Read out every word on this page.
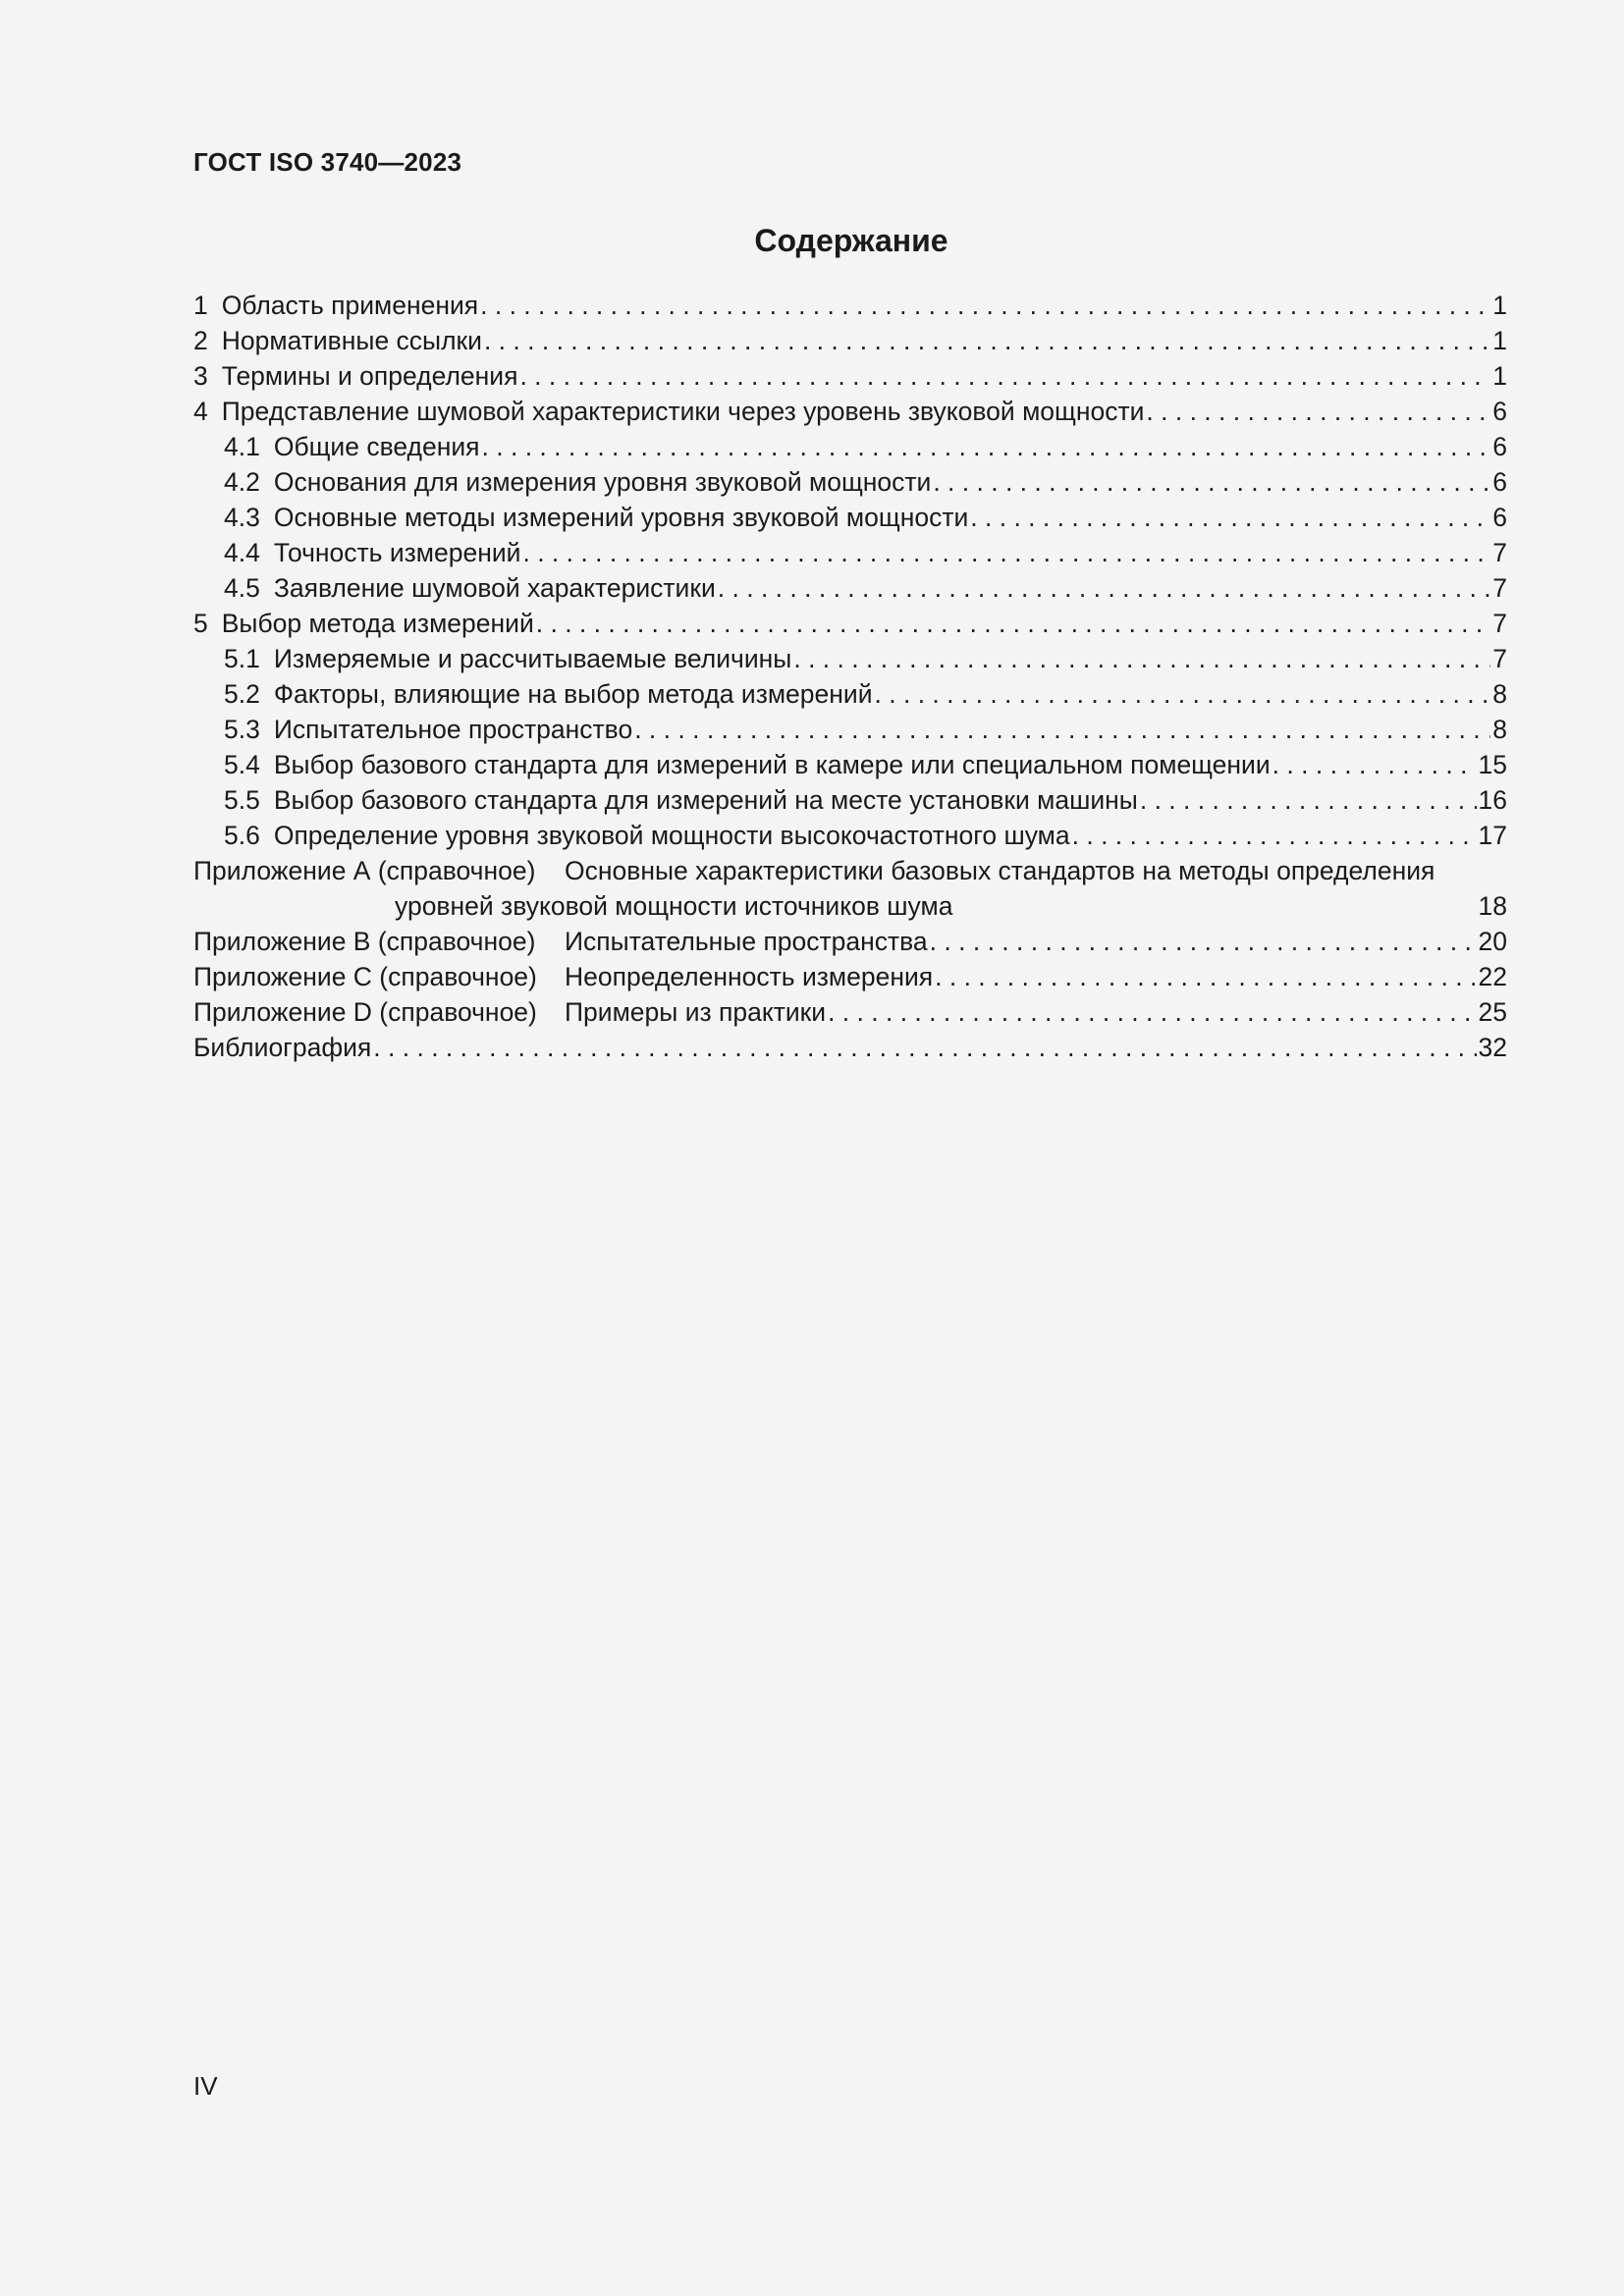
ГОСТ ISO 3740—2023
Содержание
1 Область применения . . .	1
2 Нормативные ссылки . . .	1
3 Термины и определения . . .	1
4 Представление шумовой характеристики через уровень звуковой мощности . . .	6
4.1 Общие сведения . . .	6
4.2 Основания для измерения уровня звуковой мощности . . .	6
4.3 Основные методы измерений уровня звуковой мощности . . .	6
4.4 Точность измерений . . .	7
4.5 Заявление шумовой характеристики . . .	7
5 Выбор метода измерений . . .	7
5.1 Измеряемые и рассчитываемые величины . . .	7
5.2 Факторы, влияющие на выбор метода измерений . . .	8
5.3 Испытательное пространство . . .	8
5.4 Выбор базового стандарта для измерений в камере или специальном помещении . . .	15
5.5 Выбор базового стандарта для измерений на месте установки машины . . .	16
5.6 Определение уровня звуковой мощности высокочастотного шума . . .	17
Приложение А (справочное)	Основные характеристики базовых стандартов на методы определения
уровней звуковой мощности источников шума	18
Приложение В (справочное)	Испытательные пространства . . .	20
Приложение С (справочное)	Неопределенность измерения . . .	22
Приложение D (справочное)	Примеры из практики . . .	25
Библиография . . .	32
IV
